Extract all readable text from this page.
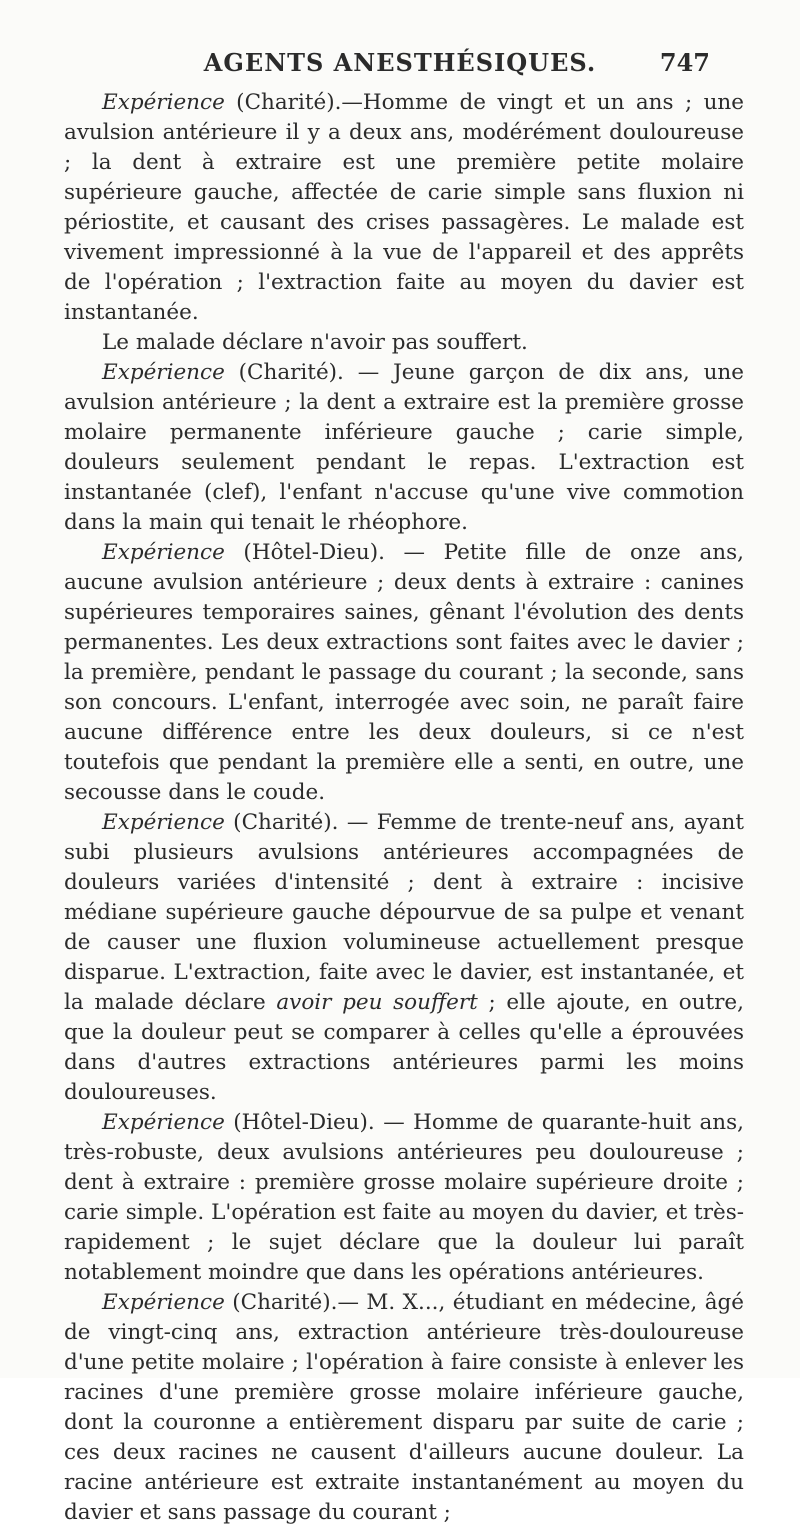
AGENTS ANESTHÉSIQUES.	747

Expérience (Charité).—Homme de vingt et un ans ; une avulsion antérieure il y a deux ans, modérément douloureuse ; la dent à extraire est une première petite molaire supérieure gauche, affectée de carie simple sans fluxion ni périostite, et causant des crises passagères. Le malade est vivement impressionné à la vue de l'appareil et des apprêts de l'opération ; l'extraction faite au moyen du davier est instantanée.

Le malade déclare n'avoir pas souffert.

Expérience (Charité). — Jeune garçon de dix ans, une avulsion antérieure ; la dent a extraire est la première grosse molaire permanente inférieure gauche ; carie simple, douleurs seulement pendant le repas. L'extraction est instantanée (clef), l'enfant n'accuse qu'une vive commotion dans la main qui tenait le rhéophore.

Expérience (Hôtel-Dieu). — Petite fille de onze ans, aucune avulsion antérieure ; deux dents à extraire : canines supérieures temporaires saines, gênant l'évolution des dents permanentes. Les deux extractions sont faites avec le davier ; la première, pendant le passage du courant ; la seconde, sans son concours. L'enfant, interrogée avec soin, ne paraît faire aucune différence entre les deux douleurs, si ce n'est toutefois que pendant la première elle a senti, en outre, une secousse dans le coude.

Expérience (Charité). — Femme de trente-neuf ans, ayant subi plusieurs avulsions antérieures accompagnées de douleurs variées d'intensité ; dent à extraire : incisive médiane supérieure gauche dépourvue de sa pulpe et venant de causer une fluxion volumineuse actuellement presque disparue. L'extraction, faite avec le davier, est instantanée, et la malade déclare avoir peu souffert ; elle ajoute, en outre, que la douleur peut se comparer à celles qu'elle a éprouvées dans d'autres extractions antérieures parmi les moins douloureuses.

Expérience (Hôtel-Dieu). — Homme de quarante-huit ans, très-robuste, deux avulsions antérieures peu douloureuse ; dent à extraire : première grosse molaire supérieure droite ; carie simple. L'opération est faite au moyen du davier, et très-rapidement ; le sujet déclare que la douleur lui paraît notablement moindre que dans les opérations antérieures.

Expérience (Charité).— M. X..., étudiant en médecine, âgé de vingt-cinq ans, extraction antérieure très-douloureuse d'une petite molaire ; l'opération à faire consiste à enlever les racines d'une première grosse molaire inférieure gauche, dont la couronne a entièrement disparu par suite de carie ; ces deux racines ne causent d'ailleurs aucune douleur. La racine antérieure est extraite instantanément au moyen du davier et sans passage du courant ;
